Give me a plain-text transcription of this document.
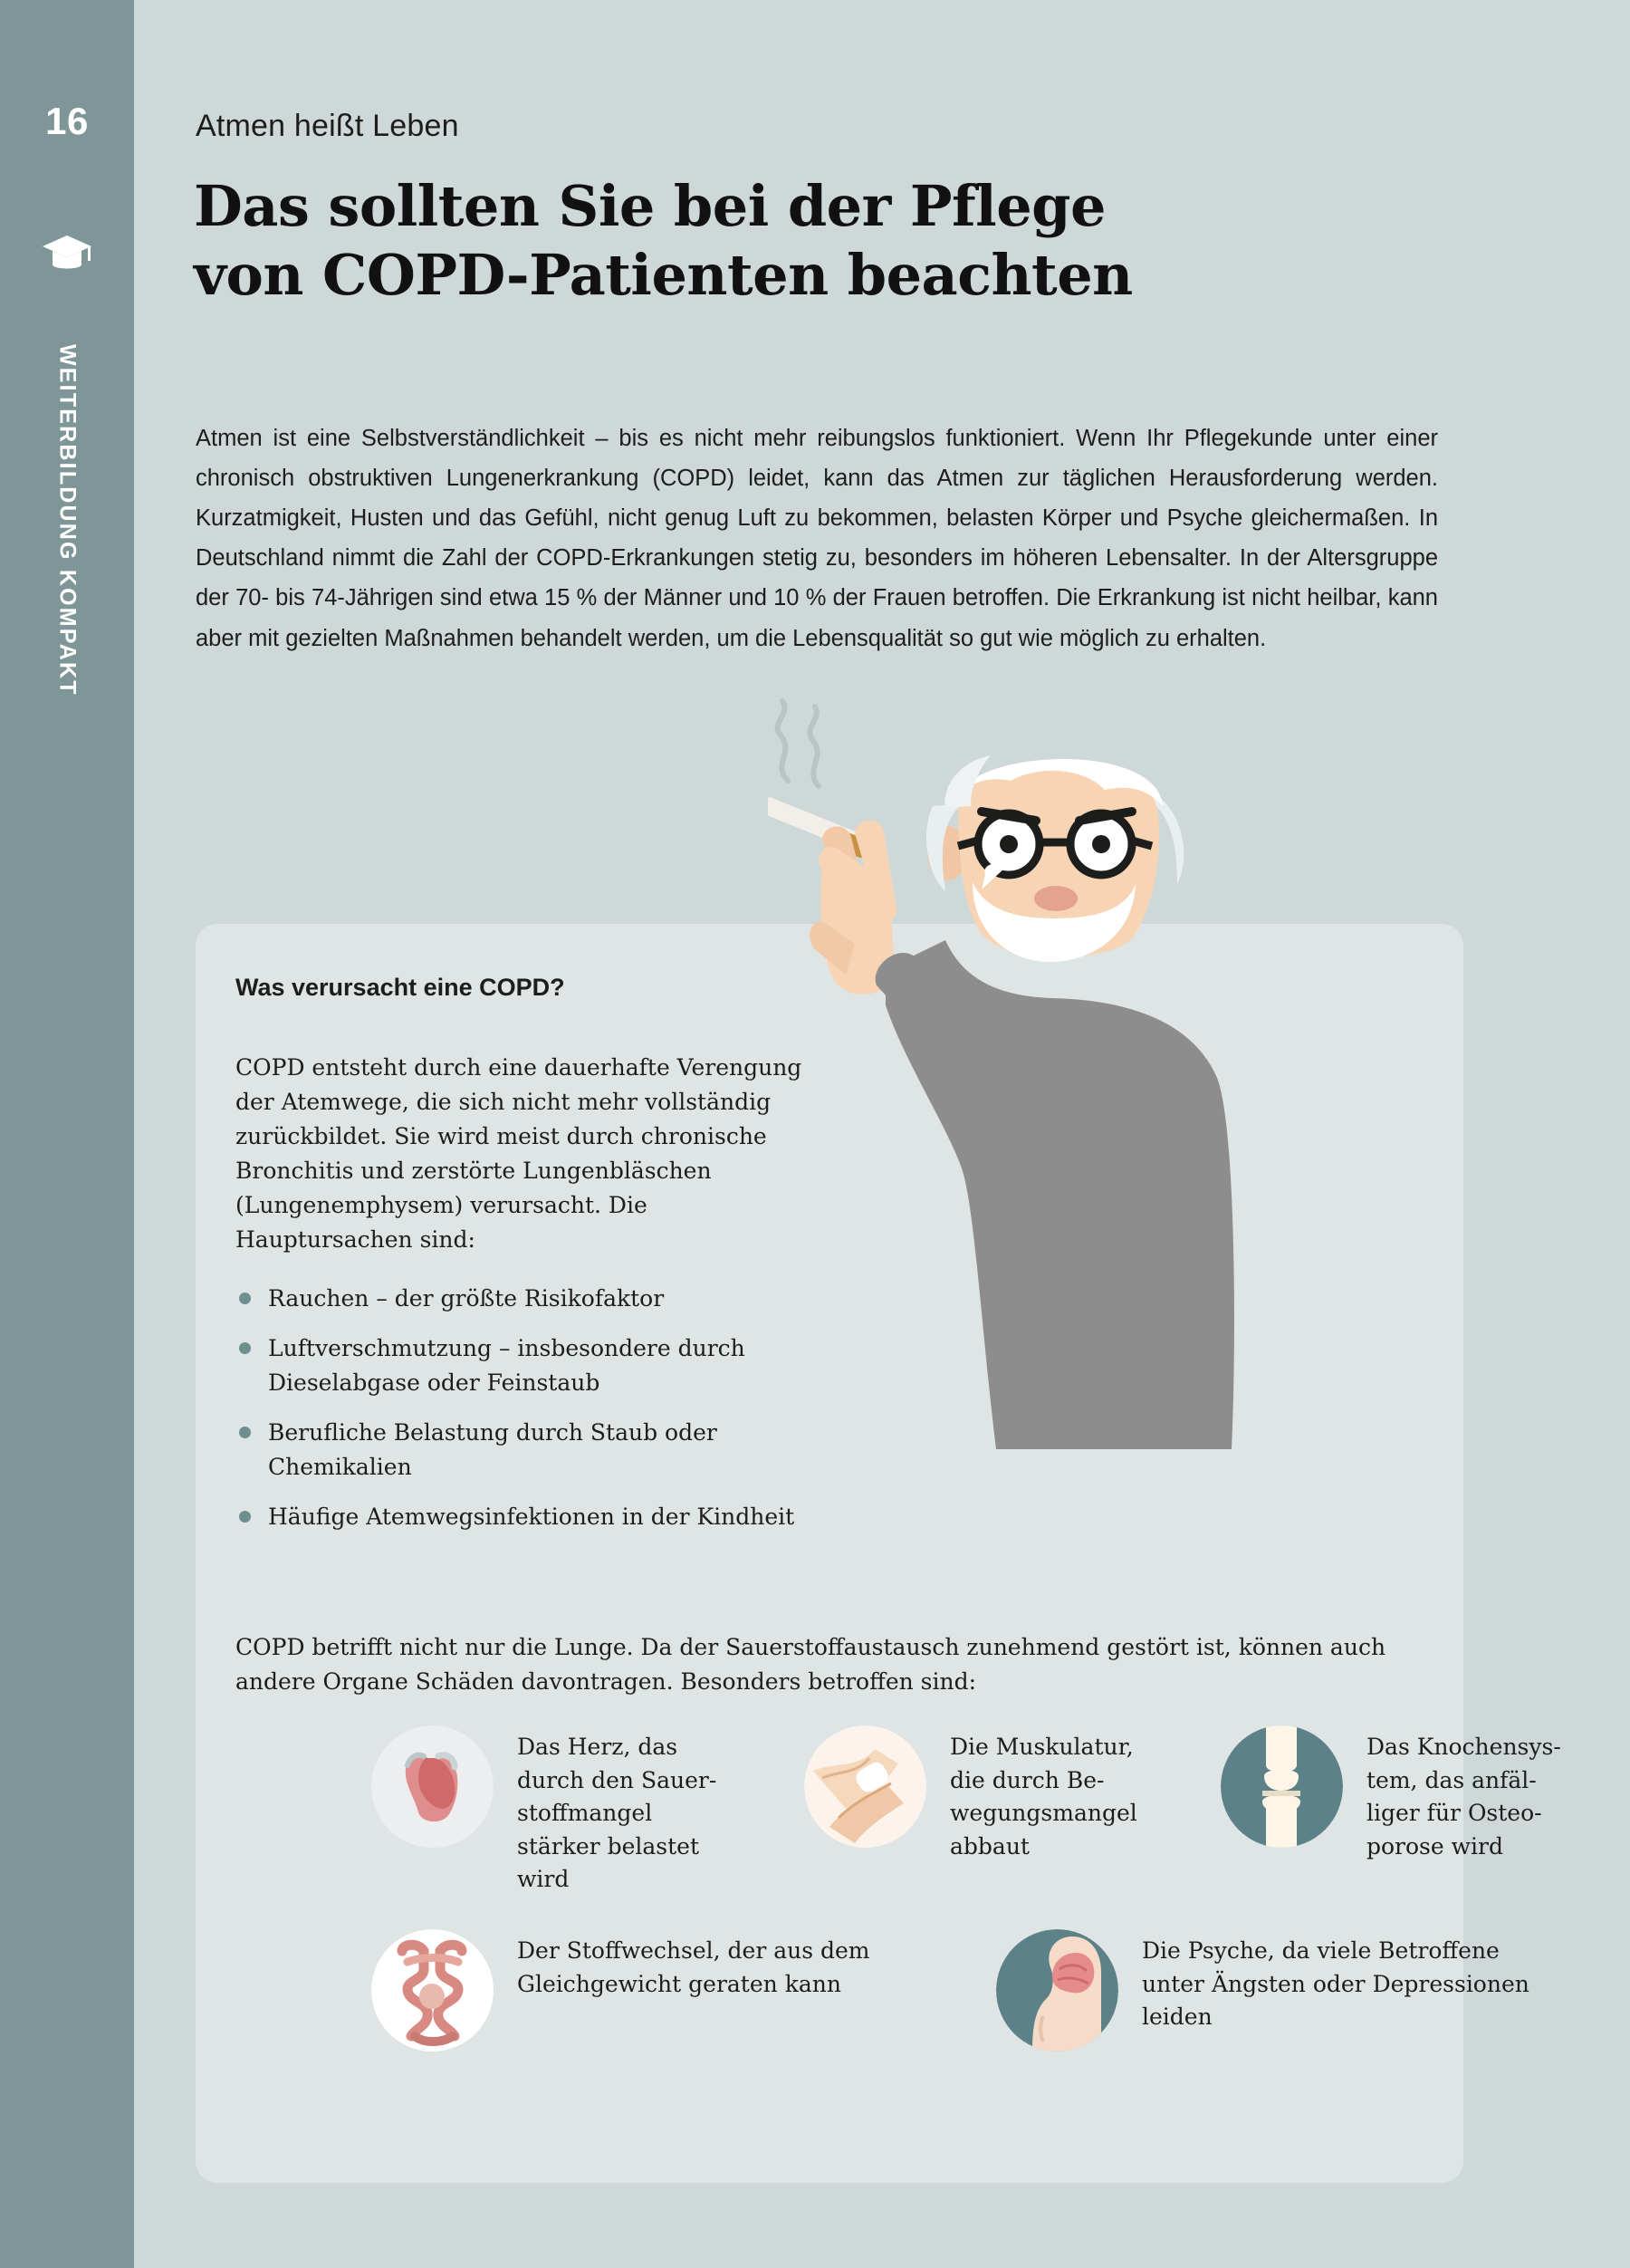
16
WEITERBILDUNG KOMPAKT
Atmen heißt Leben
Das sollten Sie bei der Pflege
von COPD-Patienten beachten
Atmen ist eine Selbstverständlichkeit – bis es nicht mehr reibungslos funktioniert. Wenn Ihr Pflegekunde unter einer chronisch obstruktiven Lungenerkrankung (COPD) leidet, kann das Atmen zur täglichen Herausforderung werden. Kurzatmigkeit, Husten und das Gefühl, nicht genug Luft zu bekommen, belasten Körper und Psyche gleichermaßen. In Deutschland nimmt die Zahl der COPD-Erkrankungen stetig zu, besonders im höheren Lebensalter. In der Altersgruppe der 70- bis 74-Jährigen sind etwa 15 % der Männer und 10 % der Frauen betroffen. Die Erkrankung ist nicht heilbar, kann aber mit gezielten Maßnahmen behandelt werden, um die Lebensqualität so gut wie möglich zu erhalten.
Was verursacht eine COPD?
COPD entsteht durch eine dauerhafte Verengung der Atemwege, die sich nicht mehr vollständig zurückbildet. Sie wird meist durch chronische Bronchitis und zerstörte Lungenbläschen (Lungenemphysem) verursacht. Die Hauptursachen sind:
Rauchen – der größte Risikofaktor
Luftverschmutzung – insbesondere durch Dieselabgase oder Feinstaub
Berufliche Belastung durch Staub oder Chemikalien
Häufige Atemwegsinfektionen in der Kindheit
COPD betrifft nicht nur die Lunge. Da der Sauerstoffaustausch zunehmend gestört ist, können auch andere Organe Schäden davontragen. Besonders betroffen sind:
Das Herz, das durch den Sauerstoffmangel stärker belastet wird
Die Muskulatur, die durch Bewegungsmangel abbaut
Das Knochensystem, das anfälliger für Osteoporose wird
Der Stoffwechsel, der aus dem Gleichgewicht geraten kann
Die Psyche, da viele Betroffene unter Ängsten oder Depressionen leiden
